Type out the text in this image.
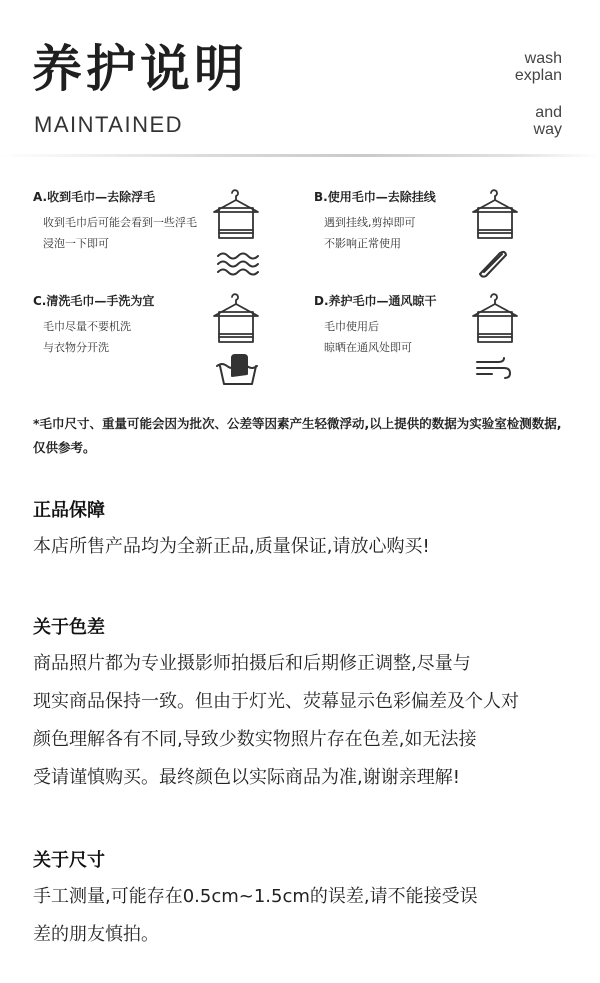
养护说明
MAINTAINED
wash
explan
and
way
A.收到毛巾—去除浮毛
收到毛巾后可能会看到一些浮毛
浸泡一下即可
B.使用毛巾—去除挂线
遇到挂线,剪掉即可
不影响正常使用
C.清洗毛巾—手洗为宜
毛巾尽量不要机洗
与衣物分开洗
D.养护毛巾—通风晾干
毛巾使用后
晾晒在通风处即可
*毛巾尺寸、重量可能会因为批次、公差等因素产生轻微浮动,以上提供的数据为实验室检测数据,仅供参考。
正品保障
本店所售产品均为全新正品,质量保证,请放心购买!
关于色差
商品照片都为专业摄影师拍摄后和后期修正调整,尽量与
现实商品保持一致。但由于灯光、荧幕显示色彩偏差及个人对
颜色理解各有不同,导致少数实物照片存在色差,如无法接
受请谨慎购买。最终颜色以实际商品为准,谢谢亲理解!
关于尺寸
手工测量,可能存在0.5cm~1.5cm的误差,请不能接受误
差的朋友慎拍。
